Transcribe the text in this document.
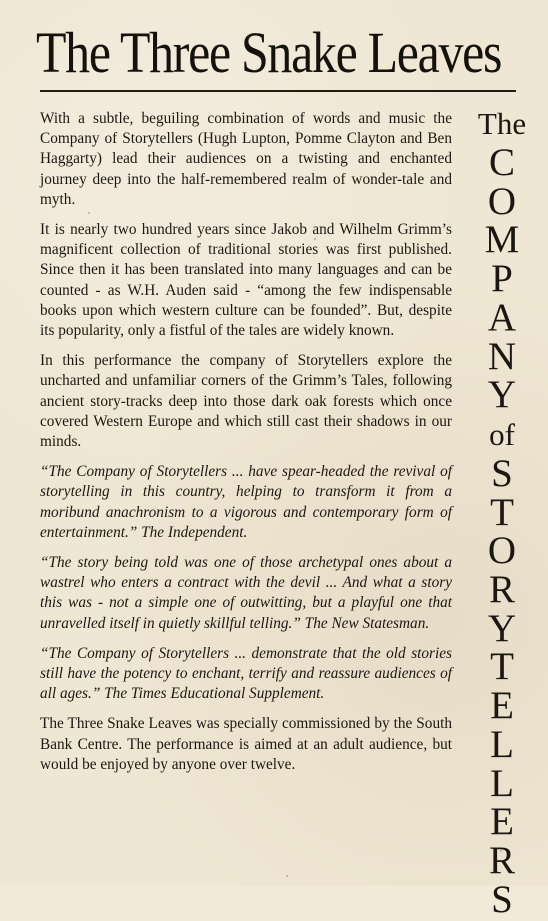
The Three Snake Leaves

With a subtle, beguiling combination of words and music the Company of Storytellers (Hugh Lupton, Pomme Clayton and Ben Haggarty) lead their audiences on a twisting and enchanted journey deep into the half-remembered realm of wonder-tale and myth.

It is nearly two hundred years since Jakob and Wilhelm Grimm’s magnificent collection of traditional stories was first published. Since then it has been translated into many languages and can be counted - as W.H. Auden said - “among the few indispensable books upon which western culture can be founded”. But, despite its popularity, only a fistful of the tales are widely known.

In this performance the company of Storytellers explore the uncharted and unfamiliar corners of the Grimm’s Tales, following ancient story-tracks deep into those dark oak forests which once covered Western Europe and which still cast their shadows in our minds.

“The Company of Storytellers ... have spear-headed the revival of storytelling in this country, helping to transform it from a moribund anachronism to a vigorous and contemporary form of entertainment.” The Independent.

“The story being told was one of those archetypal ones about a wastrel who enters a contract with the devil ... And what a story this was - not a simple one of outwitting, but a playful one that unravelled itself in quietly skillful telling.” The New Statesman.

“The Company of Storytellers ... demonstrate that the old stories still have the potency to enchant, terrify and reassure audiences of all ages.” The Times Educational Supplement.

The Three Snake Leaves was specially commissioned by the South Bank Centre. The performance is aimed at an adult audience, but would be enjoyed by anyone over twelve.

The
C
O
M
P
A
N
Y
of
S
T
O
R
Y
T
E
L
L
E
R
S
